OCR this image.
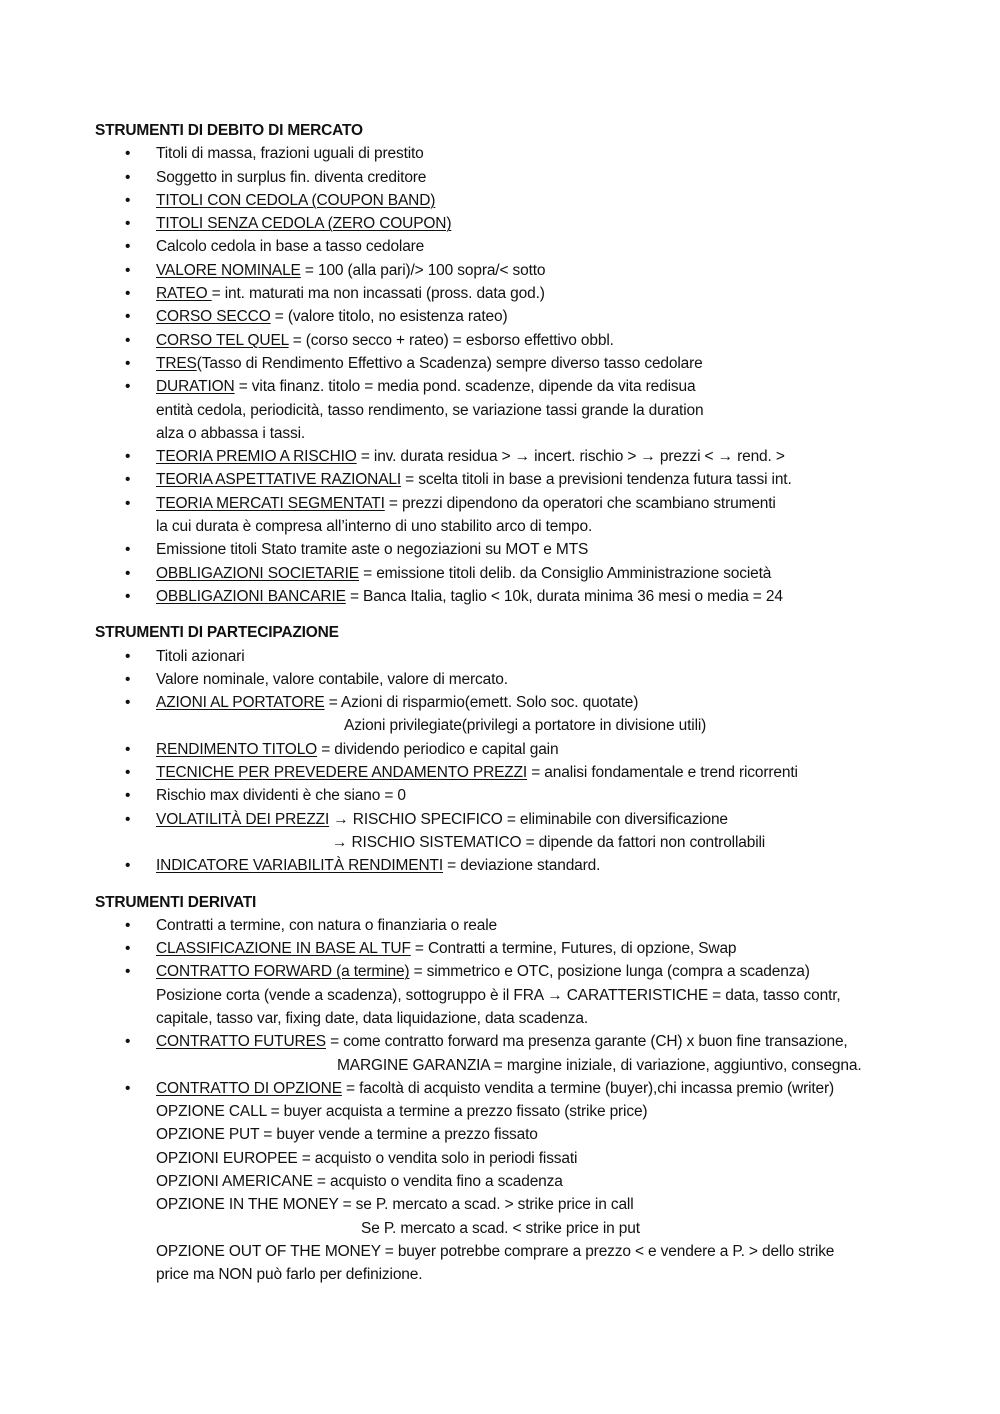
STRUMENTI DI DEBITO DI MERCATO

• Titoli di massa, frazioni uguali di prestito
• Soggetto in surplus fin. diventa creditore
• TITOLI CON CEDOLA (COUPON BAND)
• TITOLI SENZA CEDOLA (ZERO COUPON)
• Calcolo cedola in base a tasso cedolare
• VALORE NOMINALE = 100 (alla pari)/> 100 sopra/< sotto
• RATEO = int. maturati ma non incassati (pross. data god.)
• CORSO SECCO = (valore titolo, no esistenza rateo)
• CORSO TEL QUEL = (corso secco + rateo) = esborso effettivo obbl.
• TRES(Tasso di Rendimento Effettivo a Scadenza) sempre diverso tasso cedolare
• DURATION = vita finanz. titolo = media pond. scadenze, dipende da vita redisua
entità cedola, periodicità, tasso rendimento, se variazione tassi grande la duration
alza o abbassa i tassi.
• TEORIA PREMIO A RISCHIO = inv. durata residua > → incert. rischio > → prezzi < → rend. >
• TEORIA ASPETTATIVE RAZIONALI = scelta titoli in base a previsioni tendenza futura tassi int.
• TEORIA MERCATI SEGMENTATI = prezzi dipendono da operatori che scambiano strumenti
la cui durata è compresa all’interno di uno stabilito arco di tempo.
• Emissione titoli Stato tramite aste o negoziazioni su MOT e MTS
• OBBLIGAZIONI SOCIETARIE = emissione titoli delib. da Consiglio Amministrazione società
• OBBLIGAZIONI BANCARIE = Banca Italia, taglio < 10k, durata minima 36 mesi o media = 24

STRUMENTI DI PARTECIPAZIONE

• Titoli azionari
• Valore nominale, valore contabile, valore di mercato.
• AZIONI AL PORTATORE = Azioni di risparmio(emett. Solo soc. quotate)
Azioni privilegiate(privilegi a portatore in divisione utili)
• RENDIMENTO TITOLO = dividendo periodico e capital gain
• TECNICHE PER PREVEDERE ANDAMENTO PREZZI = analisi fondamentale e trend ricorrenti
• Rischio max dividenti è che siano = 0
• VOLATILITÀ DEI PREZZI → RISCHIO SPECIFICO = eliminabile con diversificazione
→ RISCHIO SISTEMATICO = dipende da fattori non controllabili
• INDICATORE VARIABILITÀ RENDIMENTI = deviazione standard.

STRUMENTI DERIVATI

• Contratti a termine, con natura o finanziaria o reale
• CLASSIFICAZIONE IN BASE AL TUF = Contratti a termine, Futures, di opzione, Swap
• CONTRATTO FORWARD (a termine) = simmetrico e OTC, posizione lunga (compra a scadenza)
Posizione corta (vende a scadenza), sottogruppo è il FRA → CARATTERISTICHE = data, tasso contr,
capitale, tasso var, fixing date, data liquidazione, data scadenza.
• CONTRATTO FUTURES = come contratto forward ma presenza garante (CH) x buon fine transazione,
MARGINE GARANZIA = margine iniziale, di variazione, aggiuntivo, consegna.
• CONTRATTO DI OPZIONE = facoltà di acquisto vendita a termine (buyer),chi incassa premio (writer)
OPZIONE CALL = buyer acquista a termine a prezzo fissato (strike price)
OPZIONE PUT = buyer vende a termine a prezzo fissato
OPZIONI EUROPEE = acquisto o vendita solo in periodi fissati
OPZIONI AMERICANE = acquisto o vendita fino a scadenza
OPZIONE IN THE MONEY = se P. mercato a scad. > strike price in call
Se P. mercato a scad. < strike price in put
OPZIONE OUT OF THE MONEY = buyer potrebbe comprare a prezzo < e vendere a P. > dello strike
price ma NON può farlo per definizione.
